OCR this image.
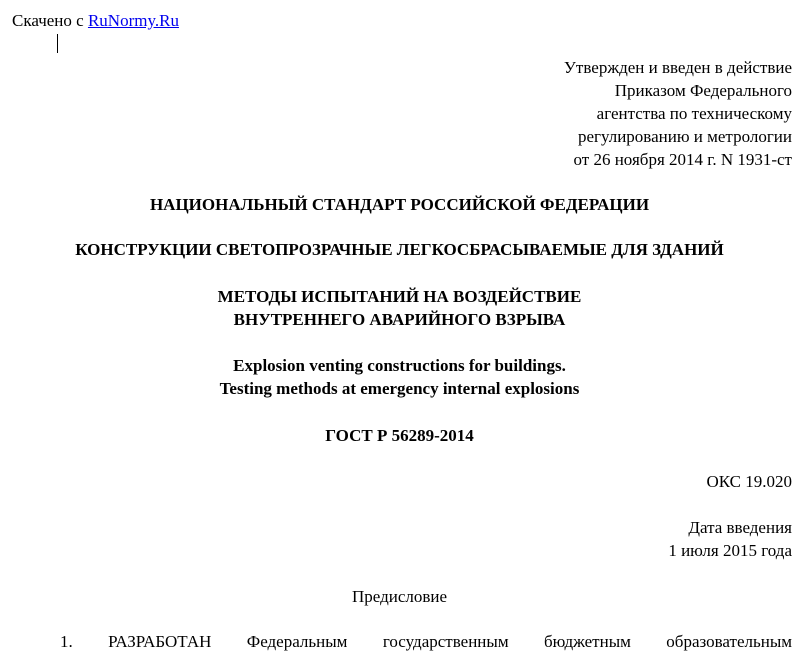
Скачено с RuNormy.Ru
Утвержден и введен в действие
Приказом Федерального
агентства по техническому
регулированию и метрологии
от 26 ноября 2014 г. N 1931-ст
НАЦИОНАЛЬНЫЙ СТАНДАРТ РОССИЙСКОЙ ФЕДЕРАЦИИ
КОНСТРУКЦИИ СВЕТОПРОЗРАЧНЫЕ ЛЕГКОСБРАСЫВАЕМЫЕ ДЛЯ ЗДАНИЙ
МЕТОДЫ ИСПЫТАНИЙ НА ВОЗДЕЙСТВИЕ
ВНУТРЕННЕГО АВАРИЙНОГО ВЗРЫВА
Explosion venting constructions for buildings.
Testing methods at emergency internal explosions
ГОСТ Р 56289-2014
ОКС 19.020
Дата введения
1 июля 2015 года
Предисловие
1. РАЗРАБОТАН Федеральным государственным бюджетным образовательным
